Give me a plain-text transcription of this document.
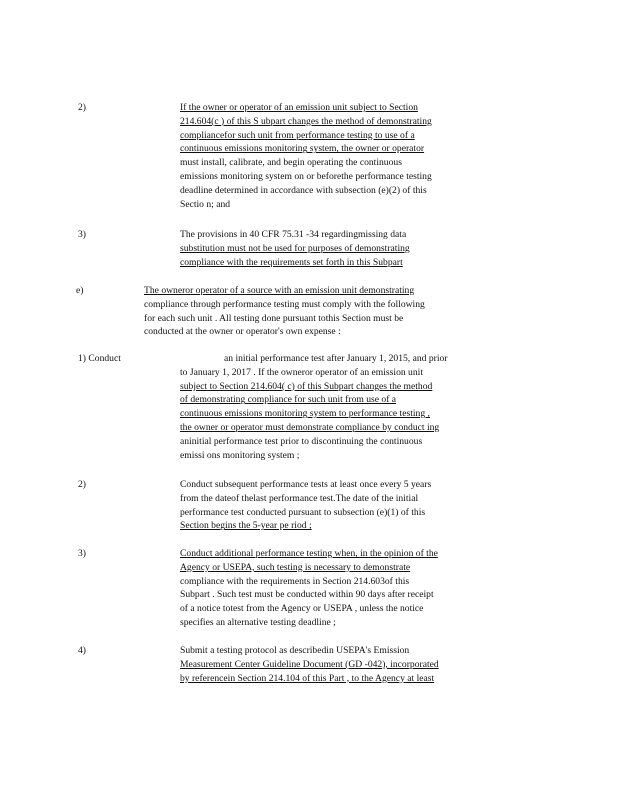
2)	If the owner or operator of an emission unit subject to Section
214.604(c ) of this S ubpart changes the method of demonstrating
compliancefor such unit from performance testing to use of a
continuous emissions monitoring system, the owner or operator
must install, calibrate, and begin operating the continuous
emissions monitoring system on or beforethe performance testing
deadline determined in accordance with subsection (e)(2) of this
Sectio n; and
3)	The provisions in 40 CFR 75.31 -34 regardingmissing data
substitution must not be used for purposes of demonstrating
compliance with the requirements set forth in this Subpart
e)	The owneror operator of a source with an emission unit demonstrating
compliance through performance testing must comply with the following
for each such unit . All testing done pursuant tothis Section must be
conducted at the owner or operator's own expense :
1) Conduct	an initial performance test after January 1, 2015, and prior
to January 1, 2017 . If the owneror operator of an emission unit
subject to Section 214.604( c) of this Subpart changes the method
of demonstrating compliance for such unit from use of a
continuous emissions monitoring system to performance testing ,
the owner or operator must demonstrate compliance by conduct ing
aninitial performance test prior to discontinuing the continuous
emissi ons monitoring system ;
2)	Conduct subsequent performance tests at least once every 5 years
from the dateof thelast performance test.The date of the initial
performance test conducted pursuant to subsection (e)(1) of this
Section begins the 5-year pe riod ;
3)	Conduct additional performance testing when, in the opinion of the
Agency or USEPA, such testing is necessary to demonstrate
compliance with the requirements in Section 214.603of this
Subpart . Such test must be conducted within 90 days after receipt
of a notice totest from the Agency or USEPA , unless the notice
specifies an alternative testing deadline ;
4)	Submit a testing protocol as describedin USEPA's Emission
Measurement Center Guideline Document (GD -042), incorporated
by referencein Section 214.104 of this Part , to the Agency at least
